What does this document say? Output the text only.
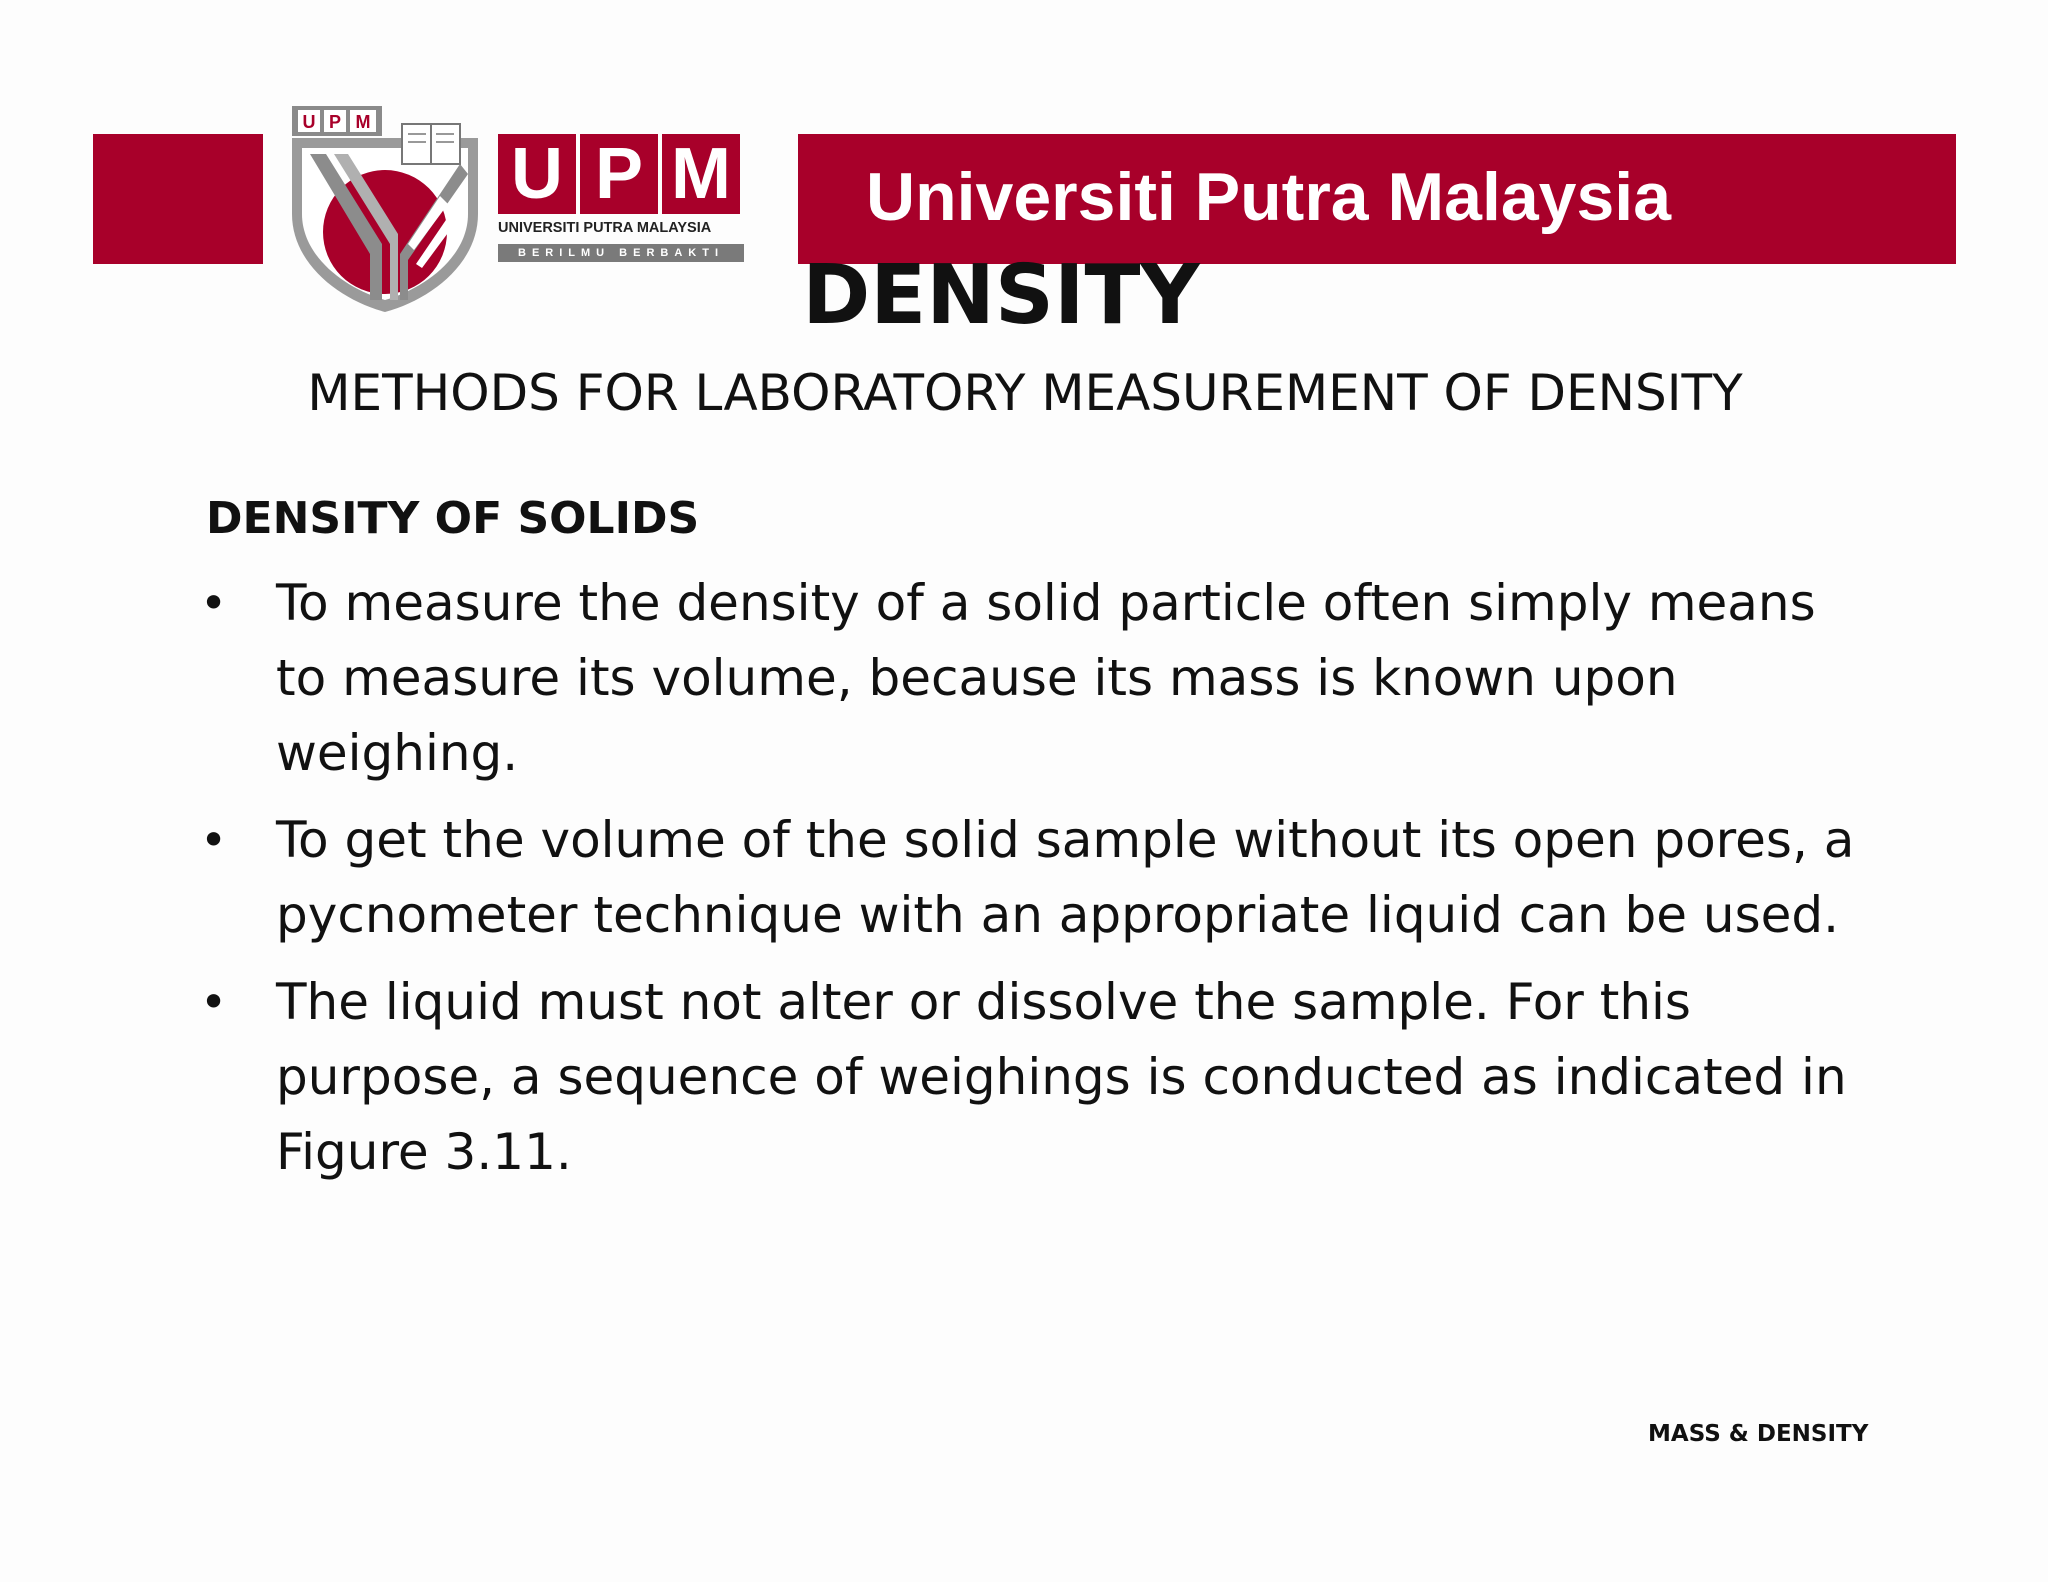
Universiti Putra Malaysia
U P M
U P M
UNIVERSITI PUTRA MALAYSIA
BERILMU BERBAKTI DENSITY
METHODS FOR LABORATORY MEASUREMENT OF DENSITY
DENSITY OF SOLIDS
• To measure the density of a solid particle often simply means to measure its volume, because its mass is known upon weighing.
• To get the volume of the solid sample without its open pores, a pycnometer technique with an appropriate liquid can be used.
• The liquid must not alter or dissolve the sample. For this purpose, a sequence of weighings is conducted as indicated in Figure 3.11.
MASS & DENSITY
